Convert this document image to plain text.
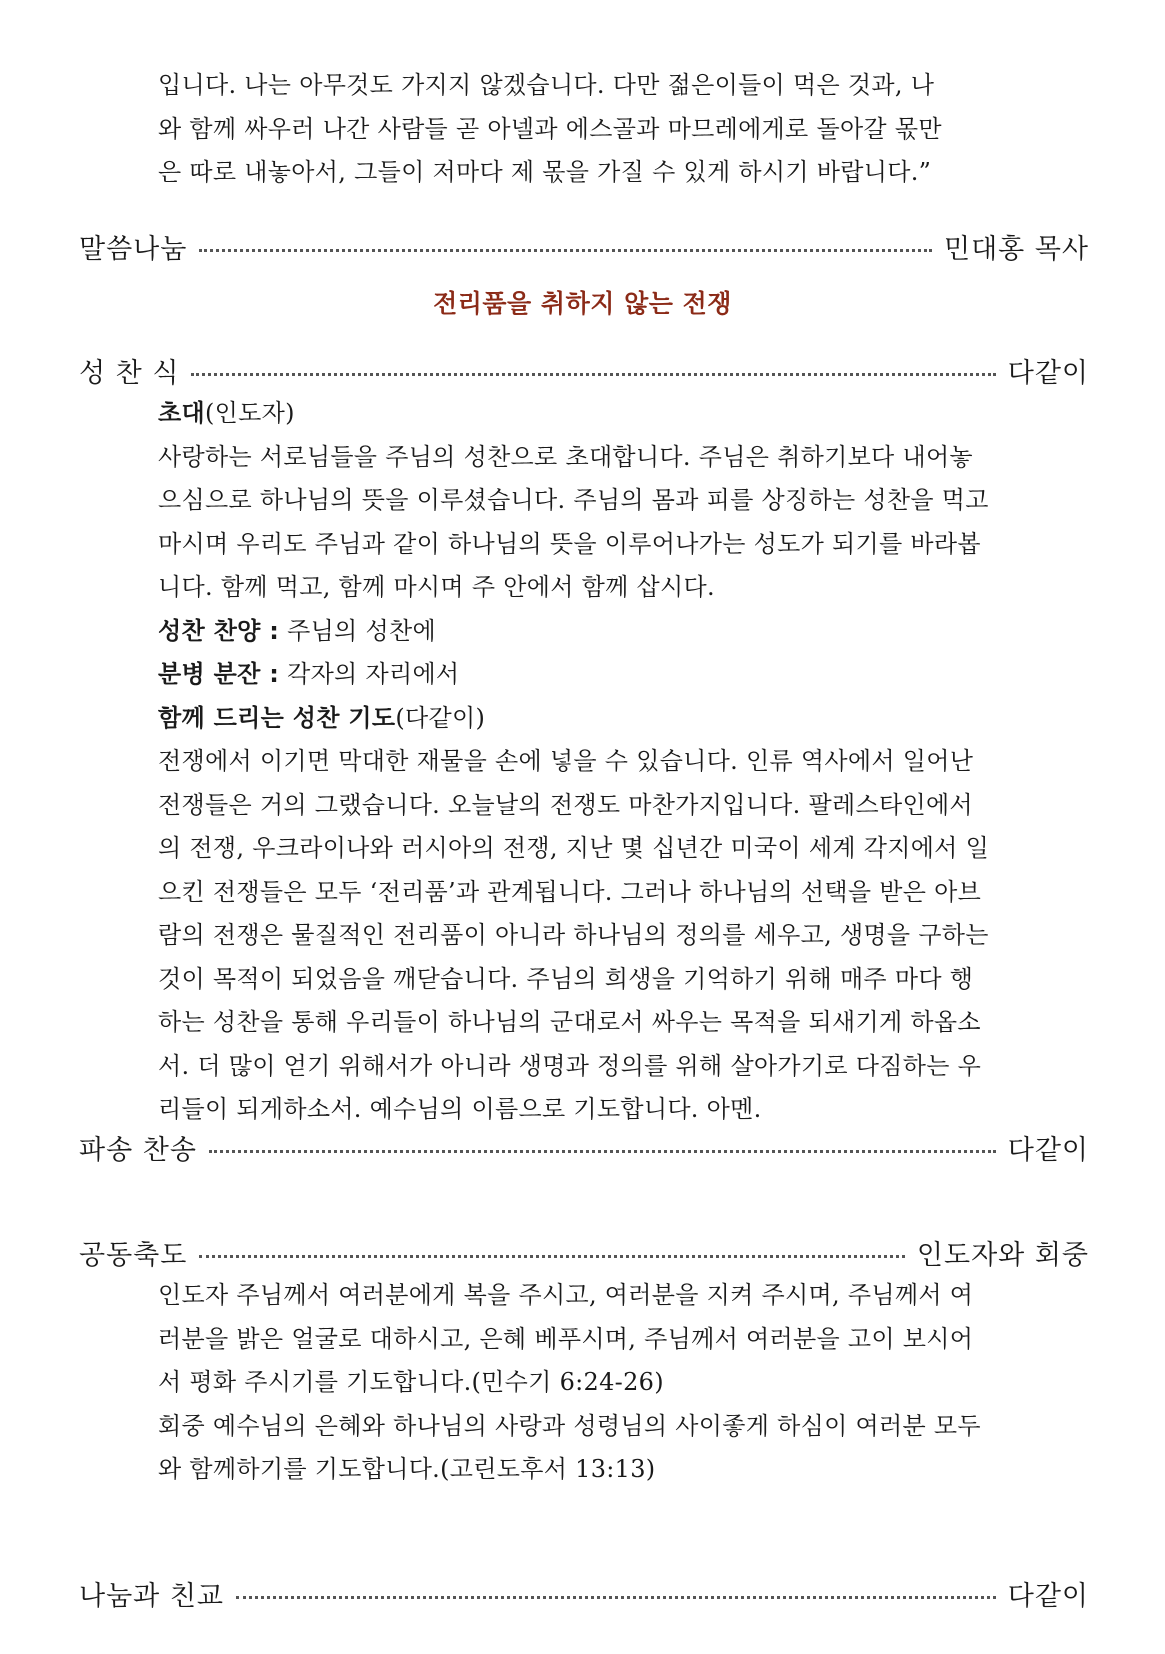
입니다. 나는 아무것도 가지지 않겠습니다. 다만 젊은이들이 먹은 것과, 나
와 함께 싸우러 나간 사람들 곧 아넬과 에스골과 마므레에게로 돌아갈 몫만
은 따로 내놓아서, 그들이 저마다 제 몫을 가질 수 있게 하시기 바랍니다.”
말씀나눔	민대홍 목사
전리품을 취하지 않는 전쟁
성 찬 식	다같이
초대(인도자)
사랑하는 서로님들을 주님의 성찬으로 초대합니다. 주님은 취하기보다 내어놓
으심으로 하나님의 뜻을 이루셨습니다. 주님의 몸과 피를 상징하는 성찬을 먹고
마시며 우리도 주님과 같이 하나님의 뜻을 이루어나가는 성도가 되기를 바라봅
니다. 함께 먹고, 함께 마시며 주 안에서 함께 삽시다.
성찬 찬양 : 주님의 성찬에
분병 분잔 : 각자의 자리에서
함께 드리는 성찬 기도(다같이)
전쟁에서 이기면 막대한 재물을 손에 넣을 수 있습니다. 인류 역사에서 일어난
전쟁들은 거의 그랬습니다. 오늘날의 전쟁도 마찬가지입니다. 팔레스타인에서
의 전쟁, 우크라이나와 러시아의 전쟁, 지난 몇 십년간 미국이 세계 각지에서 일
으킨 전쟁들은 모두 ‘전리품’과 관계됩니다. 그러나 하나님의 선택을 받은 아브
람의 전쟁은 물질적인 전리품이 아니라 하나님의 정의를 세우고, 생명을 구하는
것이 목적이 되었음을 깨닫습니다. 주님의 희생을 기억하기 위해 매주 마다 행
하는 성찬을 통해 우리들이 하나님의 군대로서 싸우는 목적을 되새기게 하옵소
서. 더 많이 얻기 위해서가 아니라 생명과 정의를 위해 살아가기로 다짐하는 우
리들이 되게하소서. 예수님의 이름으로 기도합니다. 아멘.
파송 찬송	다같이
공동축도	인도자와 회중
인도자 주님께서 여러분에게 복을 주시고, 여러분을 지켜 주시며, 주님께서 여
러분을 밝은 얼굴로 대하시고, 은혜 베푸시며, 주님께서 여러분을 고이 보시어
서 평화 주시기를 기도합니다.(민수기 6:24-26)
회중 예수님의 은혜와 하나님의 사랑과 성령님의 사이좋게 하심이 여러분 모두
와 함께하기를 기도합니다.(고린도후서 13:13)
나눔과 친교	다같이
